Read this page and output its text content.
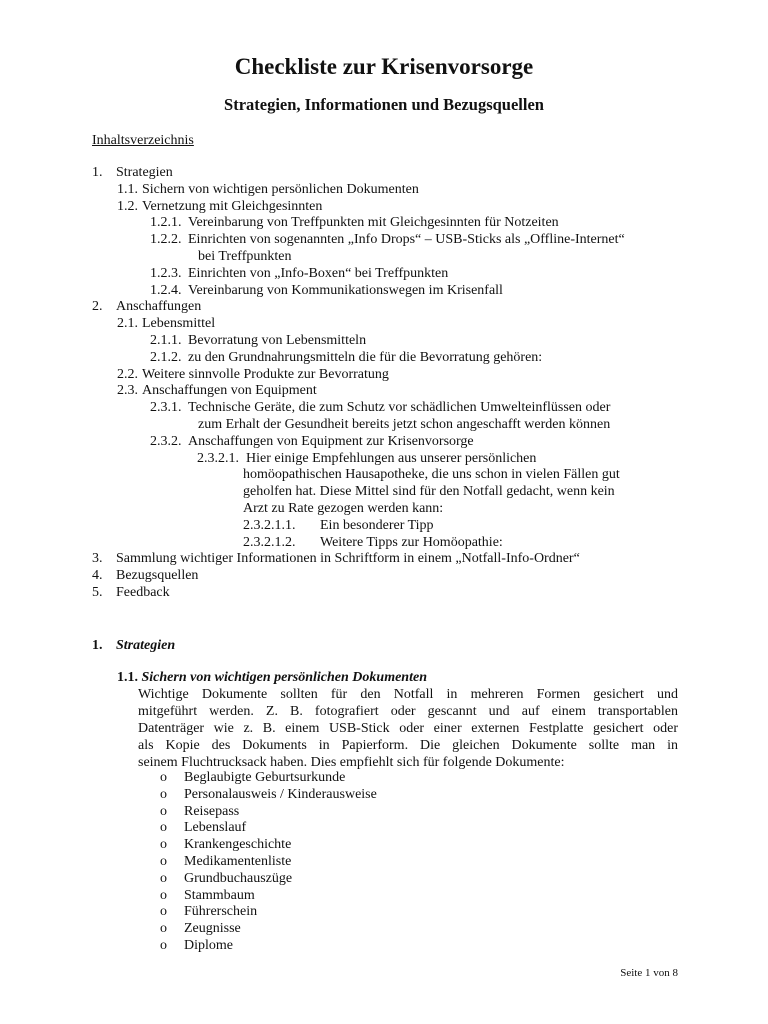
Checkliste zur Krisenvorsorge
Strategien, Informationen und Bezugsquellen
Inhaltsverzeichnis
1. Strategien
1.1. Sichern von wichtigen persönlichen Dokumenten
1.2. Vernetzung mit Gleichgesinnten
1.2.1. Vereinbarung von Treffpunkten mit Gleichgesinnten für Notzeiten
1.2.2. Einrichten von sogenannten „Info Drops“ – USB-Sticks als „Offline-Internet“
bei Treffpunkten
1.2.3. Einrichten von „Info-Boxen“ bei Treffpunkten
1.2.4. Vereinbarung von Kommunikationswegen im Krisenfall
2. Anschaffungen
2.1. Lebensmittel
2.1.1. Bevorratung von Lebensmitteln
2.1.2. zu den Grundnahrungsmitteln die für die Bevorratung gehören:
2.2. Weitere sinnvolle Produkte zur Bevorratung
2.3. Anschaffungen von Equipment
2.3.1. Technische Geräte, die zum Schutz vor schädlichen Umwelteinflüssen oder
zum Erhalt der Gesundheit bereits jetzt schon angeschafft werden können
2.3.2. Anschaffungen von Equipment zur Krisenvorsorge
2.3.2.1. Hier einige Empfehlungen aus unserer persönlichen
homöopathischen Hausapotheke, die uns schon in vielen Fällen gut
geholfen hat. Diese Mittel sind für den Notfall gedacht, wenn kein
Arzt zu Rate gezogen werden kann:
2.3.2.1.1. Ein besonderer Tipp
2.3.2.1.2. Weitere Tipps zur Homöopathie:
3. Sammlung wichtiger Informationen in Schriftform in einem „Notfall-Info-Ordner“
4. Bezugsquellen
5. Feedback
1. Strategien
1.1. Sichern von wichtigen persönlichen Dokumenten
Wichtige Dokumente sollten für den Notfall in mehreren Formen gesichert und
mitgeführt werden. Z. B. fotografiert oder gescannt und auf einem transportablen
Datenträger wie z. B. einem USB-Stick oder einer externen Festplatte gesichert oder
als Kopie des Dokuments in Papierform. Die gleichen Dokumente sollte man in
seinem Fluchtrucksack haben. Dies empfiehlt sich für folgende Dokumente:
o Beglaubigte Geburtsurkunde
o Personalausweis / Kinderausweise
o Reisepass
o Lebenslauf
o Krankengeschichte
o Medikamentenliste
o Grundbuchauszüge
o Stammbaum
o Führerschein
o Zeugnisse
o Diplome
Seite 1 von 8
